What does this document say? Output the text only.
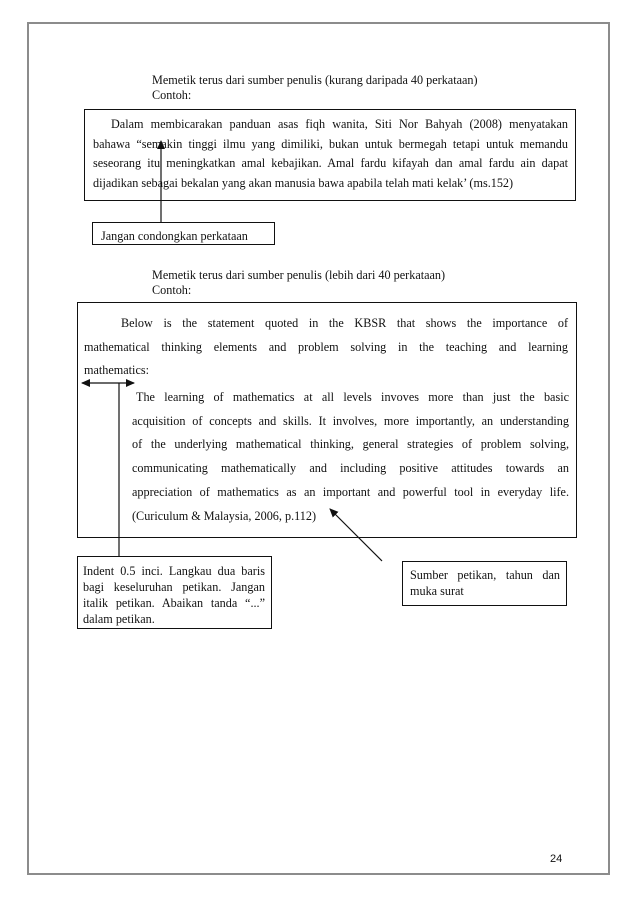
Memetik terus dari sumber penulis (kurang daripada 40 perkataan)
Contoh:
Dalam membicarakan panduan asas fiqh wanita, Siti Nor Bahyah (2008) menyatakan
bahawa “semakin tinggi ilmu yang dimiliki, bukan untuk bermegah tetapi untuk memandu
seseorang itu meningkatkan amal kebajikan. Amal fardu kifayah dan amal fardu ain dapat
dijadikan sebagai bekalan yang akan manusia bawa apabila telah mati kelak’ (ms.152)
Jangan condongkan perkataan
Memetik terus dari sumber penulis (lebih dari 40 perkataan)
Contoh:
Below is the statement quoted in the KBSR that shows the importance of
mathematical thinking elements and problem solving in the teaching and learning
mathematics:
The learning of mathematics at all levels invoves more than just the basic
acquisition of concepts and skills. It involves, more importantly, an understanding
of the underlying mathematical thinking, general strategies of problem solving,
communicating mathematically and including positive attitudes towards an
appreciation of mathematics as an important and powerful tool in everyday life.
(Curiculum & Malaysia, 2006, p.112)
Indent 0.5 inci. Langkau dua baris
bagi keseluruhan petikan. Jangan
italik petikan. Abaikan tanda “...”
dalam petikan.
Sumber petikan, tahun dan
muka surat
24
